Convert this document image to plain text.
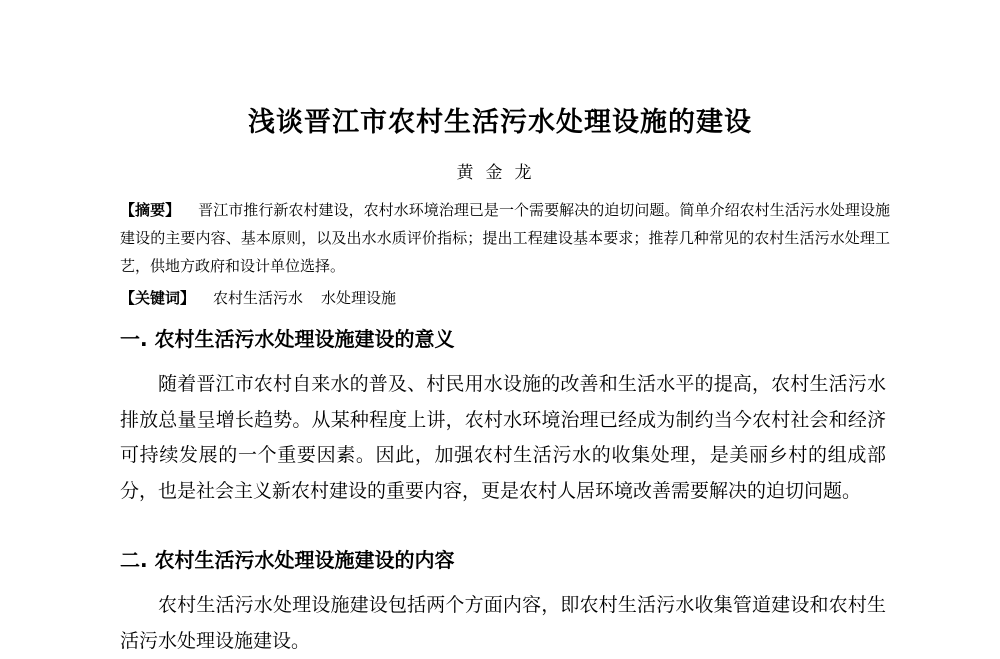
浅谈晋江市农村生活污水处理设施的建设
黄金龙
【摘要】 晋江市推行新农村建设，农村水环境治理已是一个需要解决的迫切问题。简单介绍农村生活污水处理设施建设的主要内容、基本原则，以及出水水质评价指标；提出工程建设基本要求；推荐几种常见的农村生活污水处理工艺，供地方政府和设计单位选择。
【关键词】 农村生活污水 水处理设施
一. 农村生活污水处理设施建设的意义
随着晋江市农村自来水的普及、村民用水设施的改善和生活水平的提高，农村生活污水排放总量呈增长趋势。从某种程度上讲，农村水环境治理已经成为制约当今农村社会和经济可持续发展的一个重要因素。因此，加强农村生活污水的收集处理，是美丽乡村的组成部分，也是社会主义新农村建设的重要内容，更是农村人居环境改善需要解决的迫切问题。
二. 农村生活污水处理设施建设的内容
农村生活污水处理设施建设包括两个方面内容，即农村生活污水收集管道建设和农村生活污水处理设施建设。
